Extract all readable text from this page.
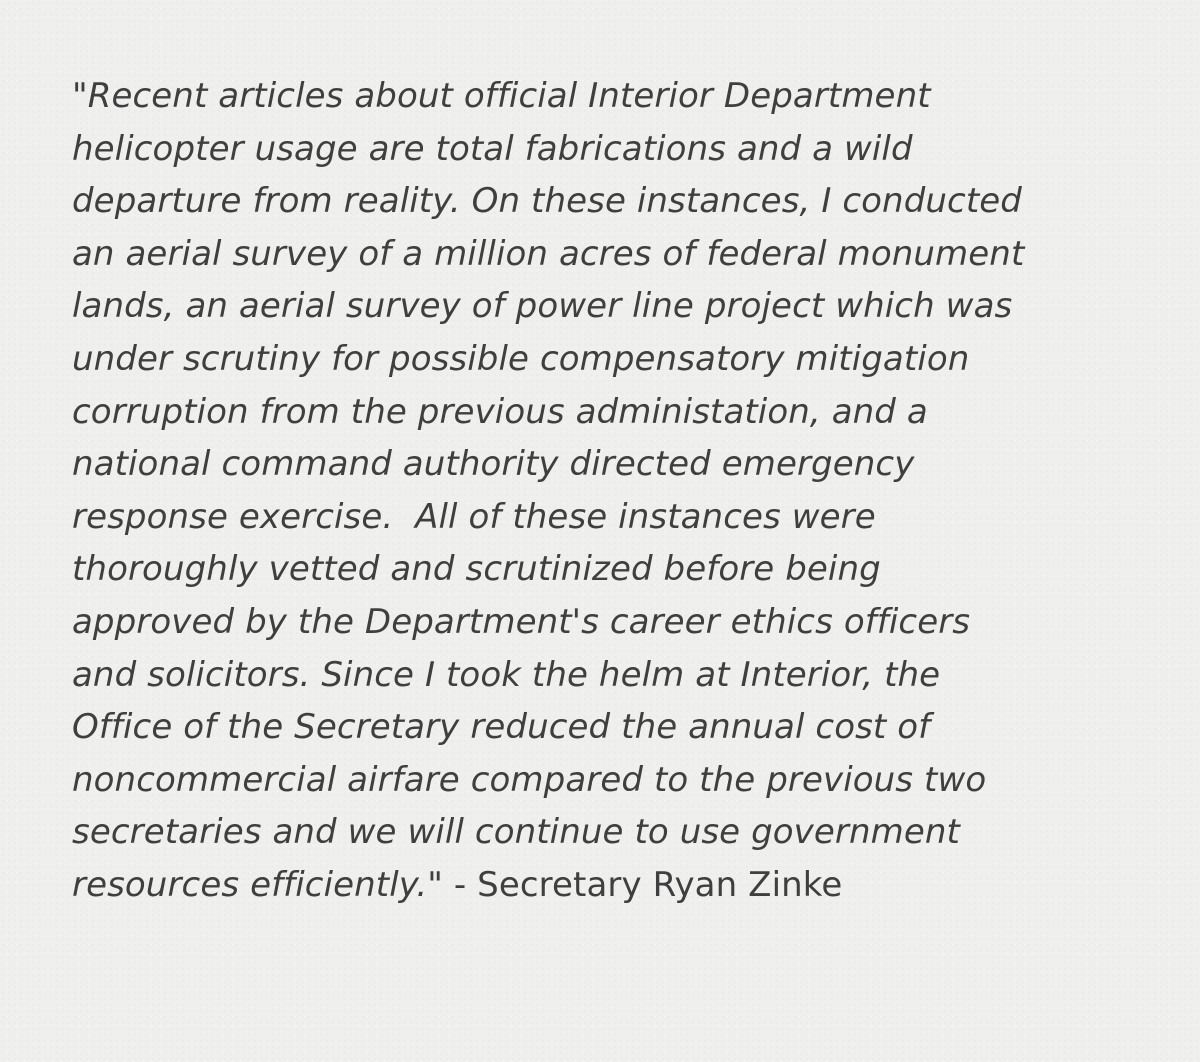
"Recent articles about official Interior Department
helicopter usage are total fabrications and a wild
departure from reality. On these instances, I conducted
an aerial survey of a million acres of federal monument
lands, an aerial survey of power line project which was
under scrutiny for possible compensatory mitigation
corruption from the previous administation, and a
national command authority directed emergency
response exercise.  All of these instances were
thoroughly vetted and scrutinized before being
approved by the Department's career ethics officers
and solicitors. Since I took the helm at Interior, the
Office of the Secretary reduced the annual cost of
noncommercial airfare compared to the previous two
secretaries and we will continue to use government
resources efficiently." - Secretary Ryan Zinke
